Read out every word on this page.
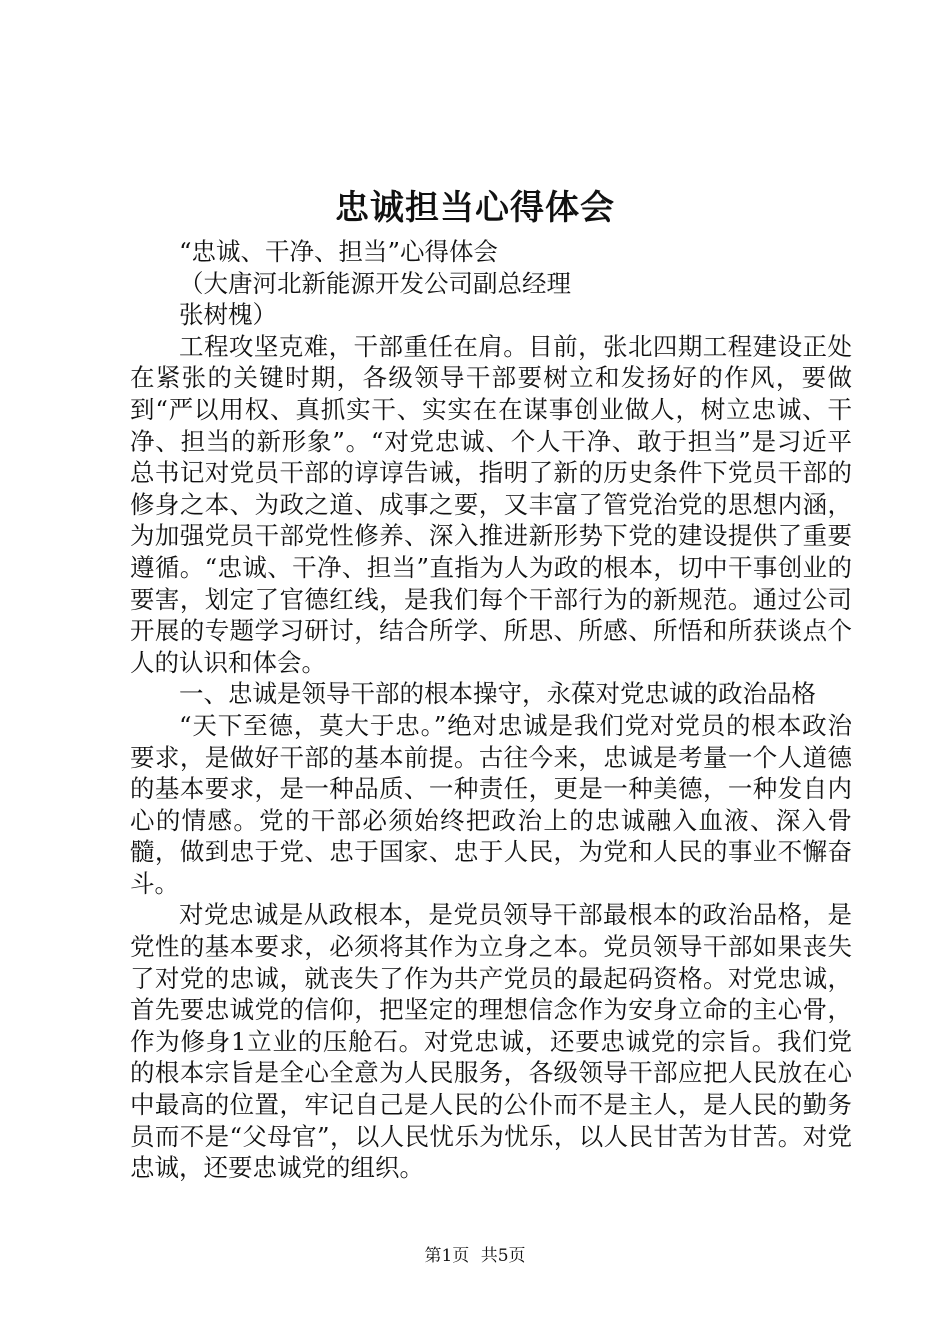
忠诚担当心得体会

“忠诚、干净、担当”心得体会

（大唐河北新能源开发公司副总经理

张树槐）

工程攻坚克难，干部重任在肩。目前，张北四期工程建设正处在紧张的关键时期，各级领导干部要树立和发扬好的作风，要做到“严以用权、真抓实干、实实在在谋事创业做人，树立忠诚、干净、担当的新形象”。“对党忠诚、个人干净、敢于担当”是习近平总书记对党员干部的谆谆告诫，指明了新的历史条件下党员干部的修身之本、为政之道、成事之要，又丰富了管党治党的思想内涵，为加强党员干部党性修养、深入推进新形势下党的建设提供了重要遵循。“忠诚、干净、担当”直指为人为政的根本，切中干事创业的要害，划定了官德红线，是我们每个干部行为的新规范。通过公司开展的专题学习研讨，结合所学、所思、所感、所悟和所获谈点个人的认识和体会。

一、忠诚是领导干部的根本操守，永葆对党忠诚的政治品格

“天下至德，莫大于忠。”绝对忠诚是我们党对党员的根本政治要求，是做好干部的基本前提。古往今来，忠诚是考量一个人道德的基本要求，是一种品质、一种责任，更是一种美德，一种发自内心的情感。党的干部必须始终把政治上的忠诚融入血液、深入骨髓，做到忠于党、忠于国家、忠于人民，为党和人民的事业不懈奋斗。

对党忠诚是从政根本，是党员领导干部最根本的政治品格，是党性的基本要求，必须将其作为立身之本。党员领导干部如果丧失了对党的忠诚，就丧失了作为共产党员的最起码资格。对党忠诚，首先要忠诚党的信仰，把坚定的理想信念作为安身立命的主心骨，作为修身1立业的压舱石。对党忠诚，还要忠诚党的宗旨。我们党的根本宗旨是全心全意为人民服务，各级领导干部应把人民放在心中最高的位置，牢记自己是人民的公仆而不是主人，是人民的勤务员而不是“父母官”，以人民忧乐为忧乐，以人民甘苦为甘苦。对党忠诚，还要忠诚党的组织。

第1页 共5页
